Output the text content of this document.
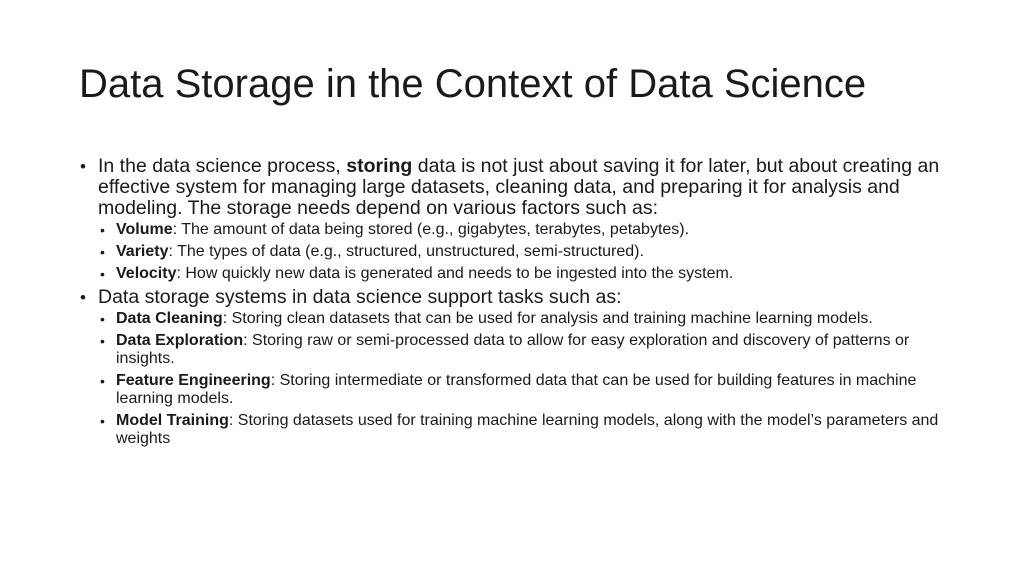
Data Storage in the Context of Data Science
• In the data science process, storing data is not just about saving it for later, but about creating an effective system for managing large datasets, cleaning data, and preparing it for analysis and modeling. The storage needs depend on various factors such as:
• Volume: The amount of data being stored (e.g., gigabytes, terabytes, petabytes).
• Variety: The types of data (e.g., structured, unstructured, semi-structured).
• Velocity: How quickly new data is generated and needs to be ingested into the system.
• Data storage systems in data science support tasks such as:
• Data Cleaning: Storing clean datasets that can be used for analysis and training machine learning models.
• Data Exploration: Storing raw or semi-processed data to allow for easy exploration and discovery of patterns or insights.
• Feature Engineering: Storing intermediate or transformed data that can be used for building features in machine learning models.
• Model Training: Storing datasets used for training machine learning models, along with the model’s parameters and weights
